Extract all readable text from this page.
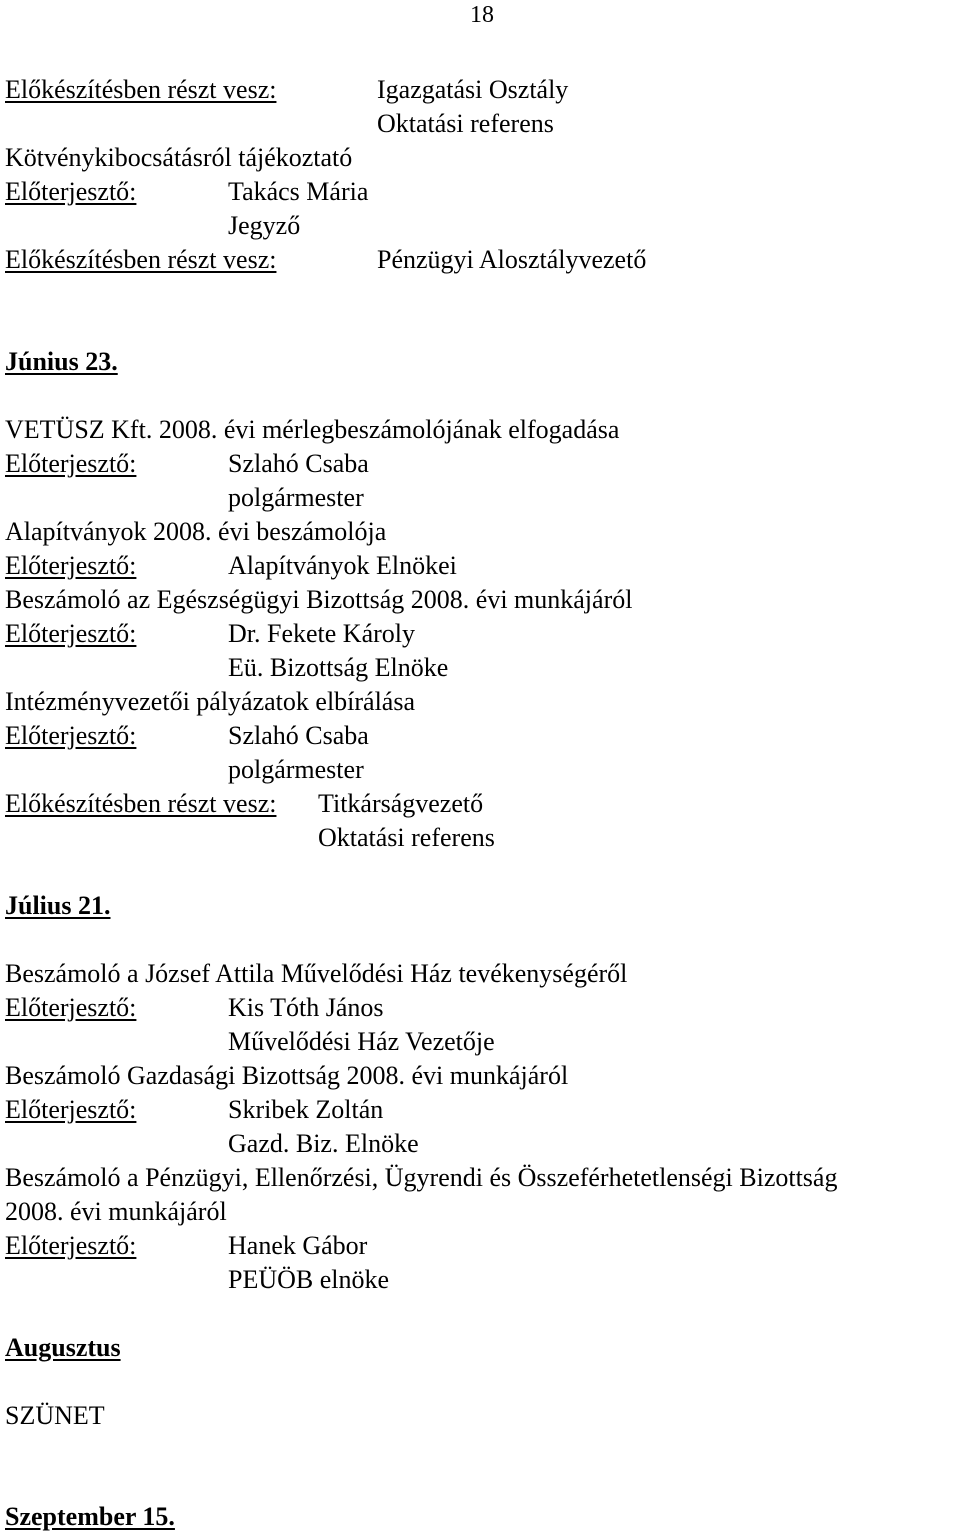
18
Előkészítésben részt vesz:	Igazgatási Osztály
Oktatási referens
Kötvénykibocsátásról tájékoztató
Előterjesztő:	Takács Mária
Jegyző
Előkészítésben részt vesz:	Pénzügyi Alosztályvezető
Június 23.
VETÜSZ Kft. 2008. évi mérlegbeszámolójának elfogadása
Előterjesztő:	Szlahó Csaba
polgármester
Alapítványok 2008. évi beszámolója
Előterjesztő:	Alapítványok Elnökei
Beszámoló az Egészségügyi Bizottság 2008. évi munkájáról
Előterjesztő:	Dr. Fekete Károly
Eü. Bizottság Elnöke
Intézményvezetői pályázatok elbírálása
Előterjesztő:	Szlahó Csaba
polgármester
Előkészítésben részt vesz: Titkárságvezető
Oktatási referens
Július 21.
Beszámoló a József Attila Művelődési Ház tevékenységéről
Előterjesztő:	Kis Tóth János
Művelődési Ház Vezetője
Beszámoló Gazdasági Bizottság 2008. évi munkájáról
Előterjesztő:	Skribek Zoltán
Gazd. Biz. Elnöke
Beszámoló a Pénzügyi, Ellenőrzési, Ügyrendi és Összeférhetetlenségi Bizottság
2008. évi munkájáról
Előterjesztő:	Hanek Gábor
PEÜÖB elnöke
Augusztus
SZÜNET
Szeptember 15.
